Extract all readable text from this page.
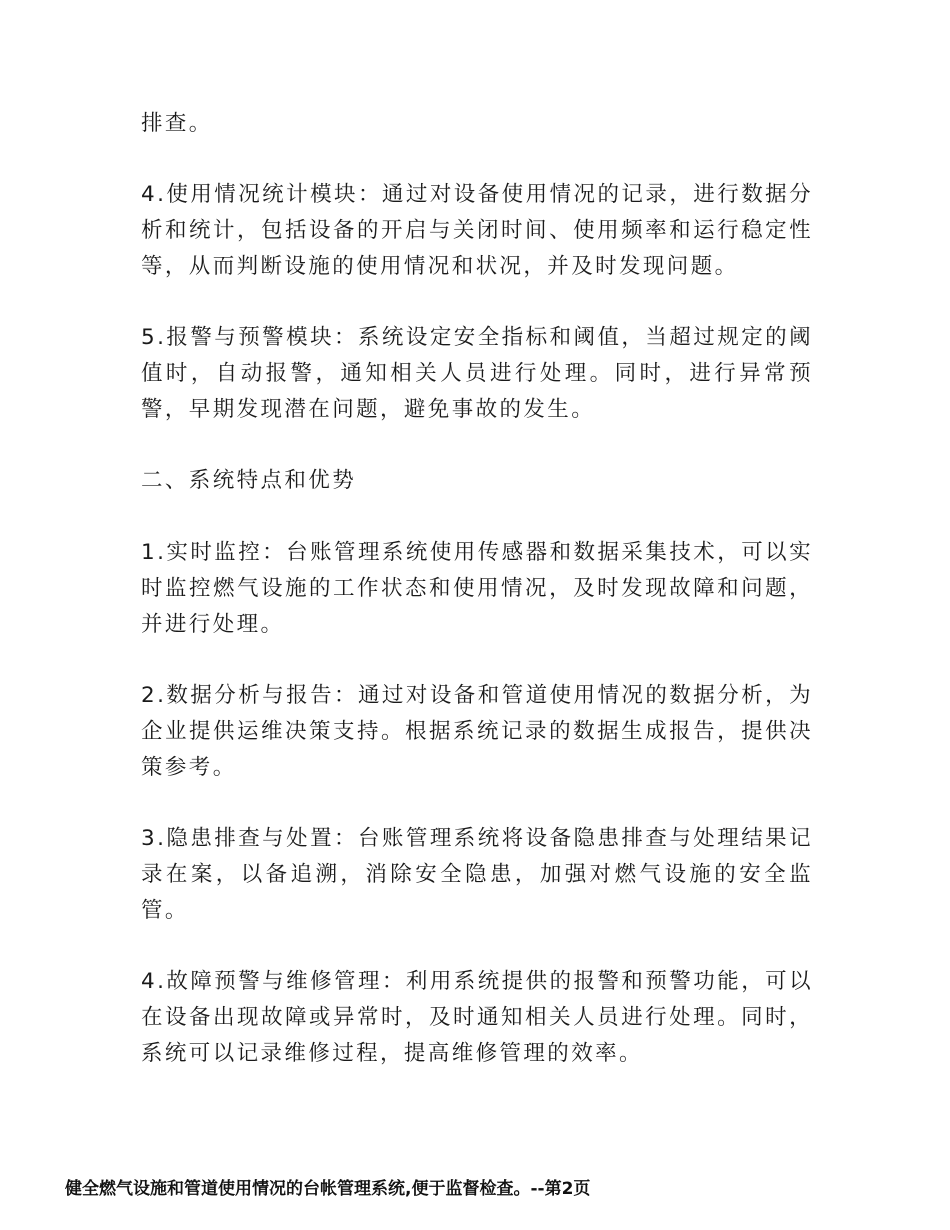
排查。

4.使用情况统计模块：通过对设备使用情况的记录，进行数据分析和统计，包括设备的开启与关闭时间、使用频率和运行稳定性等，从而判断设施的使用情况和状况，并及时发现问题。

5.报警与预警模块：系统设定安全指标和阈值，当超过规定的阈值时，自动报警，通知相关人员进行处理。同时，进行异常预警，早期发现潜在问题，避免事故的发生。

二、系统特点和优势

1.实时监控：台账管理系统使用传感器和数据采集技术，可以实时监控燃气设施的工作状态和使用情况，及时发现故障和问题，并进行处理。

2.数据分析与报告：通过对设备和管道使用情况的数据分析，为企业提供运维决策支持。根据系统记录的数据生成报告，提供决策参考。

3.隐患排查与处置：台账管理系统将设备隐患排查与处理结果记录在案，以备追溯，消除安全隐患，加强对燃气设施的安全监管。

4.故障预警与维修管理：利用系统提供的报警和预警功能，可以在设备出现故障或异常时，及时通知相关人员进行处理。同时，系统可以记录维修过程，提高维修管理的效率。

健全燃气设施和管道使用情况的台帐管理系统,便于监督检查。--第2页
